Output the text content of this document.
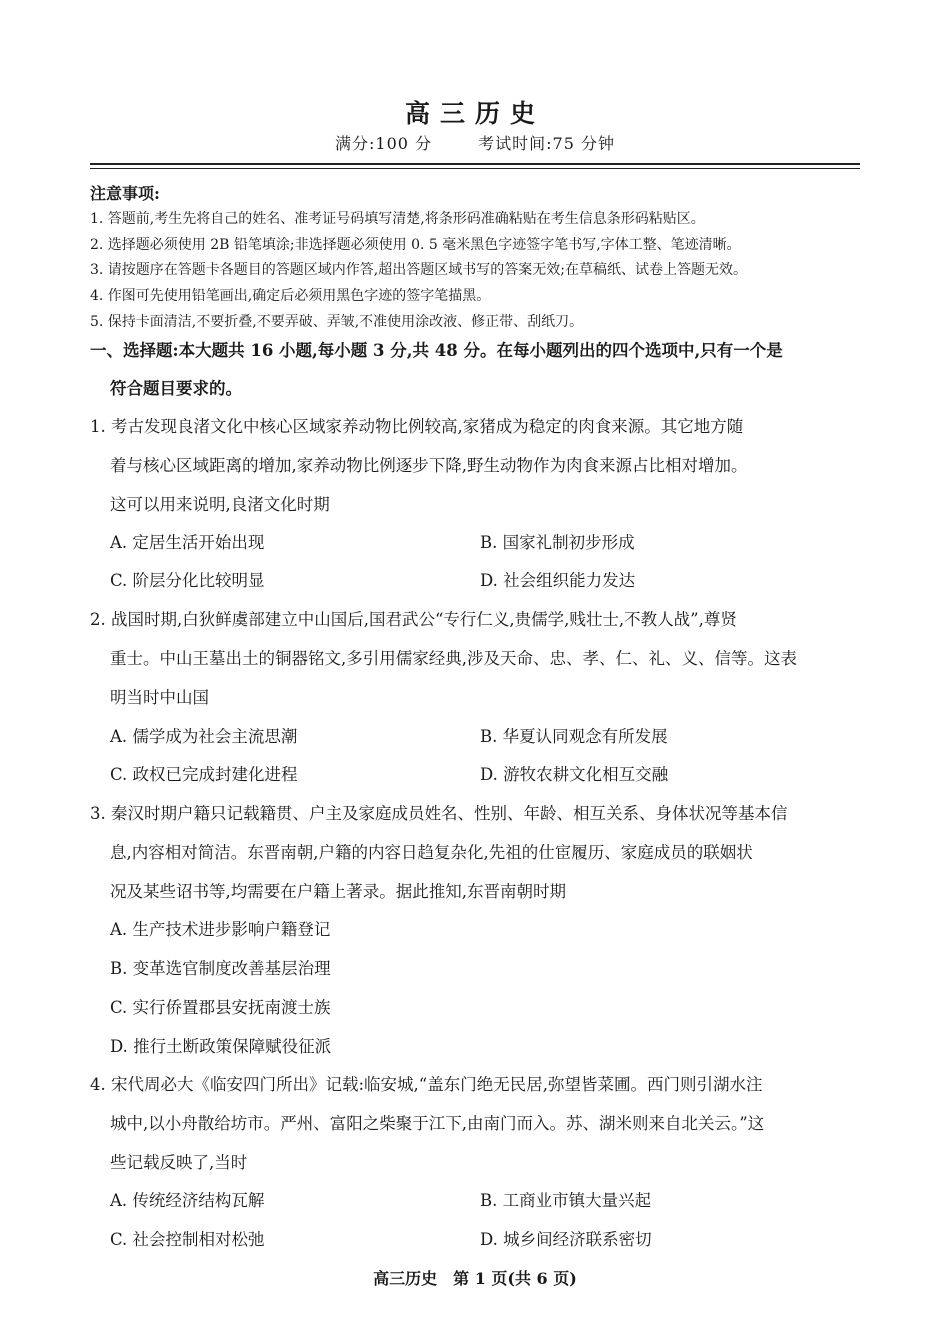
高三历史
满分:100 分	考试时间:75 分钟
注意事项:
1. 答题前,考生先将自己的姓名、准考证号码填写清楚,将条形码准确粘贴在考生信息条形码粘贴区。
2. 选择题必须使用 2B 铅笔填涂;非选择题必须使用 0. 5 毫米黑色字迹签字笔书写,字体工整、笔迹清晰。
3. 请按题序在答题卡各题目的答题区域内作答,超出答题区域书写的答案无效;在草稿纸、试卷上答题无效。
4. 作图可先使用铅笔画出,确定后必须用黑色字迹的签字笔描黑。
5. 保持卡面清洁,不要折叠,不要弄破、弄皱,不准使用涂改液、修正带、刮纸刀。
一、选择题:本大题共 16 小题,每小题 3 分,共 48 分。在每小题列出的四个选项中,只有一个是
符合题目要求的。
1. 考古发现良渚文化中核心区域家养动物比例较高,家猪成为稳定的肉食来源。其它地方随
着与核心区域距离的增加,家养动物比例逐步下降,野生动物作为肉食来源占比相对增加。
这可以用来说明,良渚文化时期
A. 定居生活开始出现	B. 国家礼制初步形成
C. 阶层分化比较明显	D. 社会组织能力发达
2. 战国时期,白狄鲜虞部建立中山国后,国君武公“专行仁义,贵儒学,贱壮士,不教人战”,尊贤
重士。中山王墓出土的铜器铭文,多引用儒家经典,涉及天命、忠、孝、仁、礼、义、信等。这表
明当时中山国
A. 儒学成为社会主流思潮	B. 华夏认同观念有所发展
C. 政权已完成封建化进程	D. 游牧农耕文化相互交融
3. 秦汉时期户籍只记载籍贯、户主及家庭成员姓名、性别、年龄、相互关系、身体状况等基本信
息,内容相对简洁。东晋南朝,户籍的内容日趋复杂化,先祖的仕宦履历、家庭成员的联姻状
况及某些诏书等,均需要在户籍上著录。据此推知,东晋南朝时期
A. 生产技术进步影响户籍登记
B. 变革选官制度改善基层治理
C. 实行侨置郡县安抚南渡士族
D. 推行土断政策保障赋役征派
4. 宋代周必大《临安四门所出》记载:临安城,“盖东门绝无民居,弥望皆菜圃。西门则引湖水注
城中,以小舟散给坊市。严州、富阳之柴聚于江下,由南门而入。苏、湖米则来自北关云。”这
些记载反映了,当时
A. 传统经济结构瓦解	B. 工商业市镇大量兴起
C. 社会控制相对松弛	D. 城乡间经济联系密切
高三历史　第 1 页(共 6 页)
